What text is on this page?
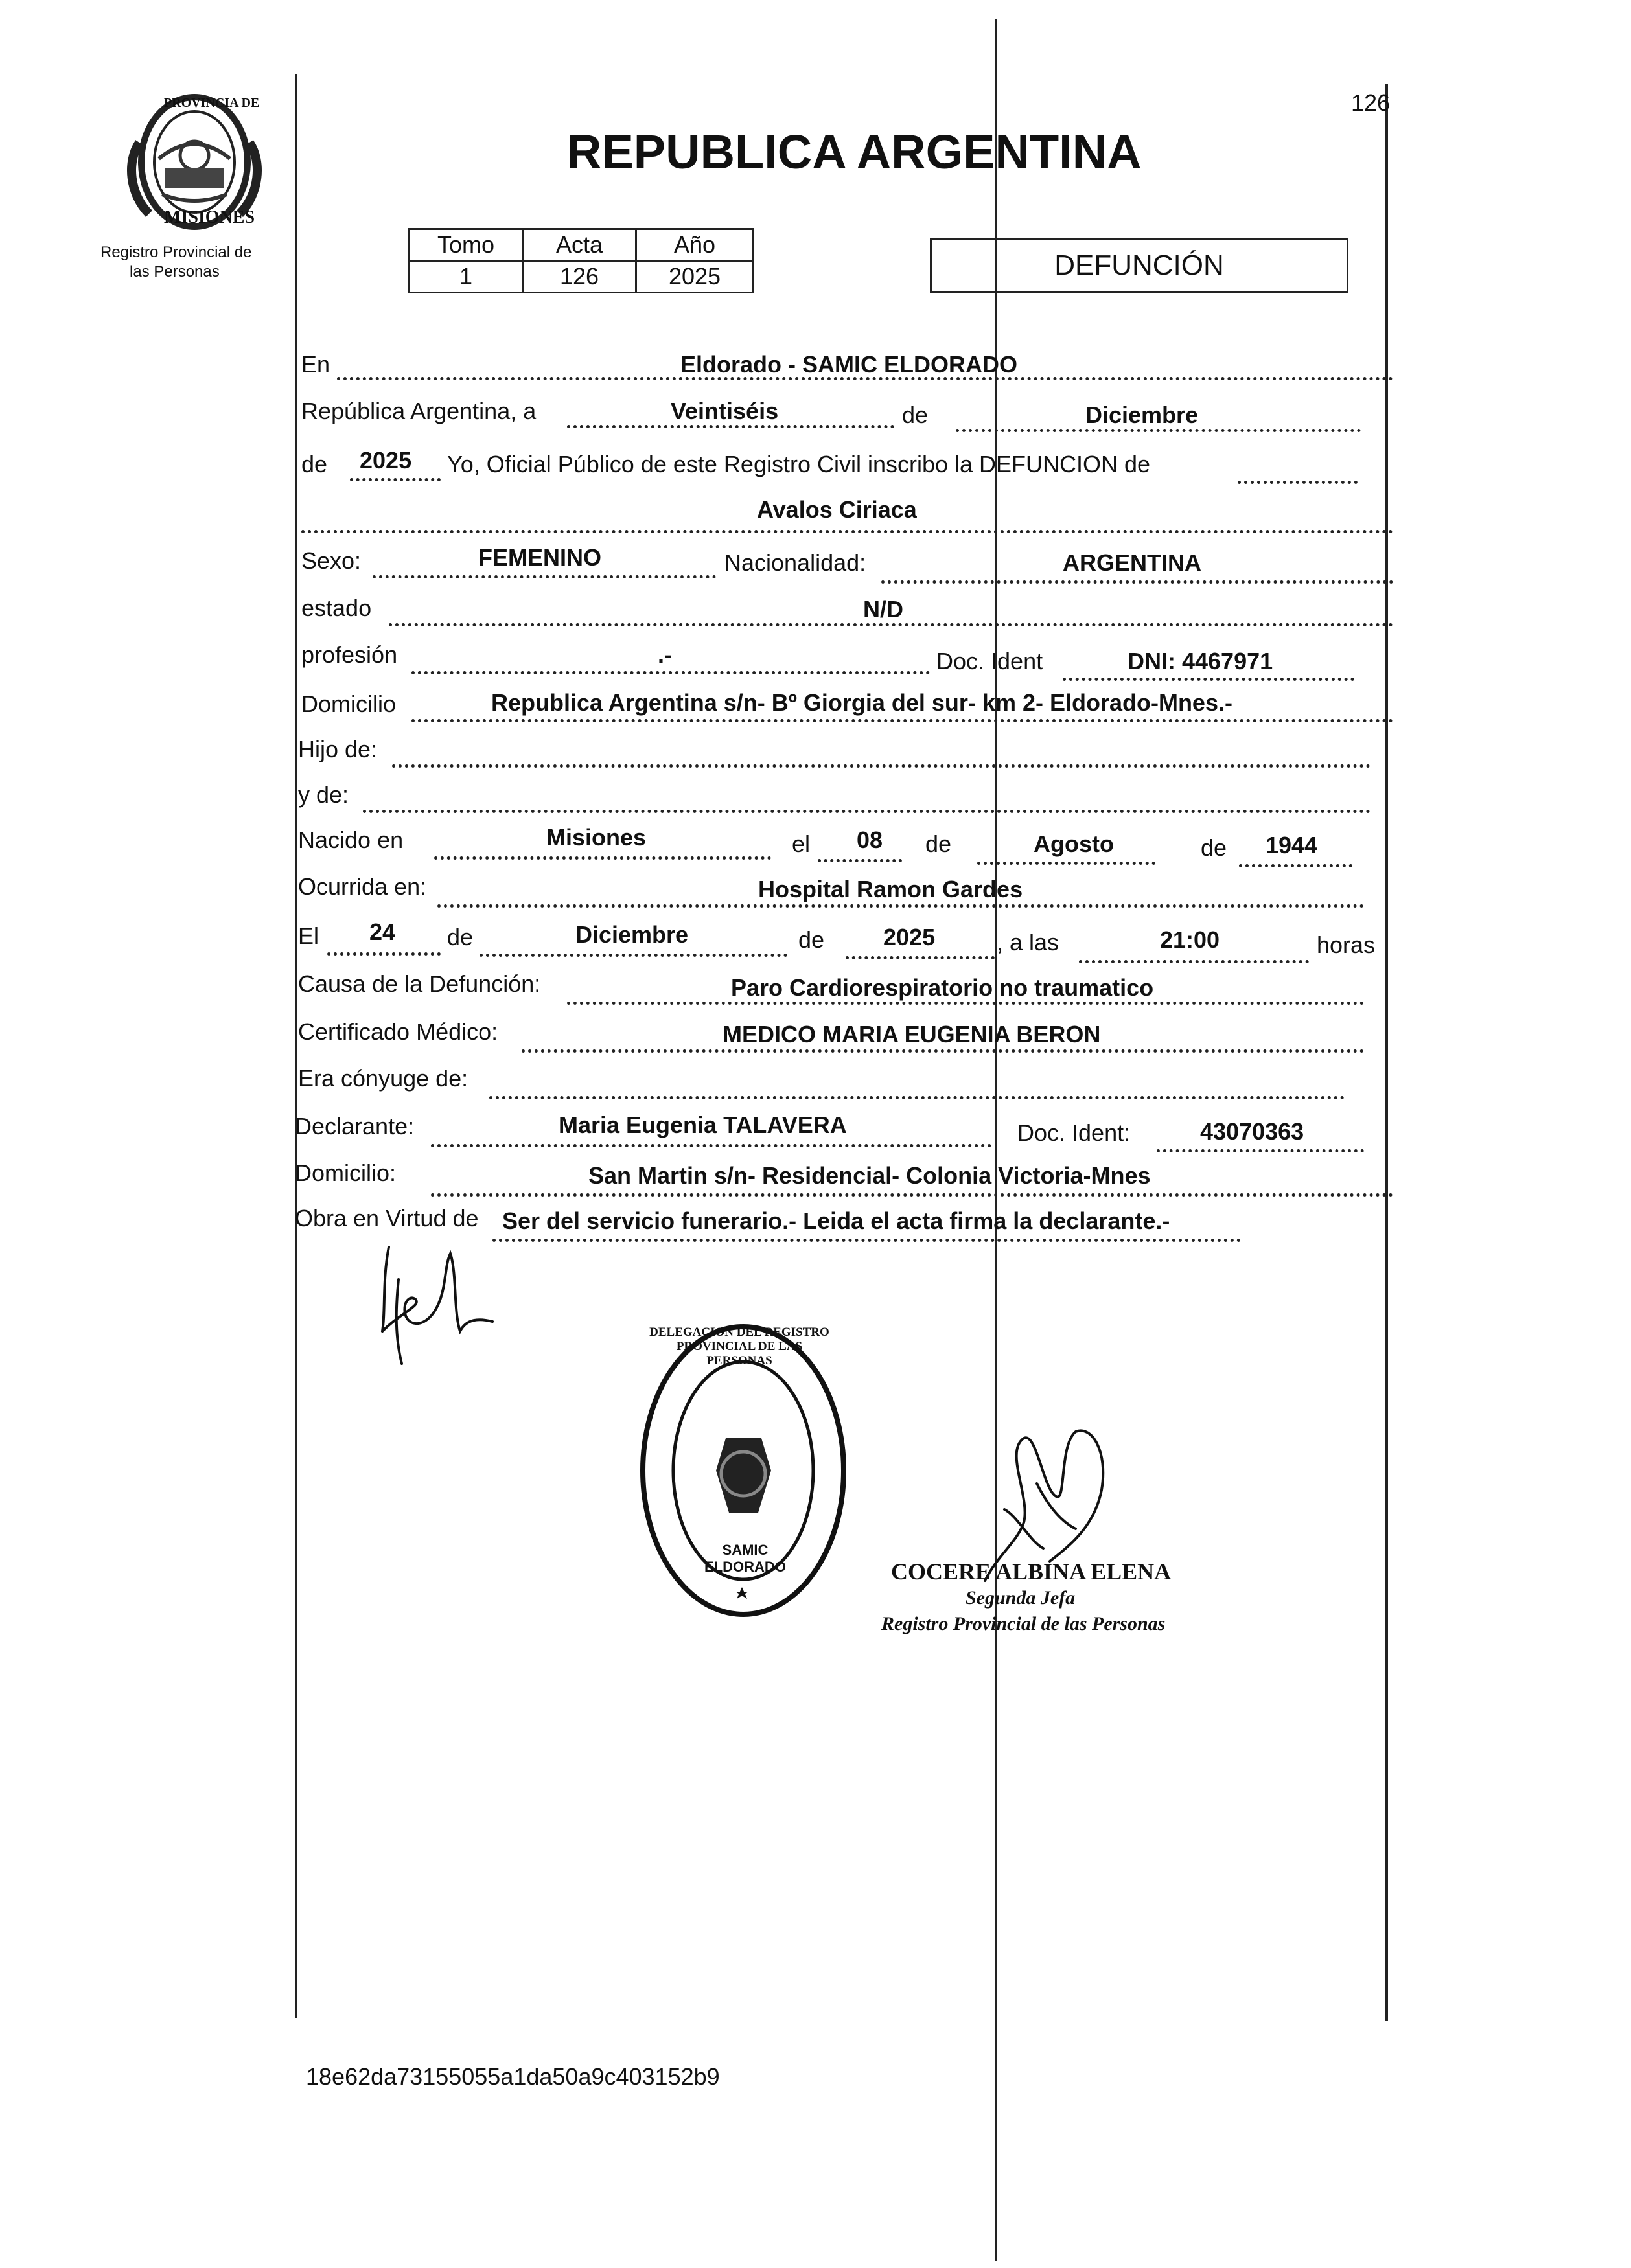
PROVINCIA DE
MISIONES
Registro Provincial de
las Personas
126
REPUBLICA ARGENTINA
Tomo	Acta	Año
1	126	2025	DEFUNCIÓN
En	Eldorado - SAMIC ELDORADO
República Argentina, a	Veintiséis	de	Diciembre
de 2025 Yo, Oficial Público de este Registro Civil inscribo la DEFUNCION de
Avalos Ciriaca
Sexo:	FEMENINO	Nacionalidad:	ARGENTINA
estado	N/D
profesión	.-	Doc. Ident	DNI: 4467971
Domicilio	Republica Argentina s/n- Bº Giorgia del sur- km 2- Eldorado-Mnes.-
Hijo de:
y de:
Nacido en	Misiones	el 08 de	Agosto	de 1944
Ocurrida en:	Hospital Ramon Gardes
El 24 de	Diciembre	de	2025	, a las	21:00	horas
Causa de la Defunción:	Paro Cardiorespiratorio no traumatico
Certificado Médico:	MEDICO MARIA EUGENIA BERON
Era cónyuge de:
Declarante:	Maria Eugenia TALAVERA	Doc. Ident:	43070363
Domicilio:	San Martin s/n- Residencial- Colonia Victoria-Mnes
Obra en Virtud de Ser del servicio funerario.- Leida el acta firma la declarante.-
DELEGACION DEL REGISTRO PROVINCIAL DE LAS PERSONAS
SAMIC ELDORADO	COCERE ALBINA ELENA
Segunda Jefa
Registro Provincial de las Personas
18e62da73155055a1da50a9c403152b9
